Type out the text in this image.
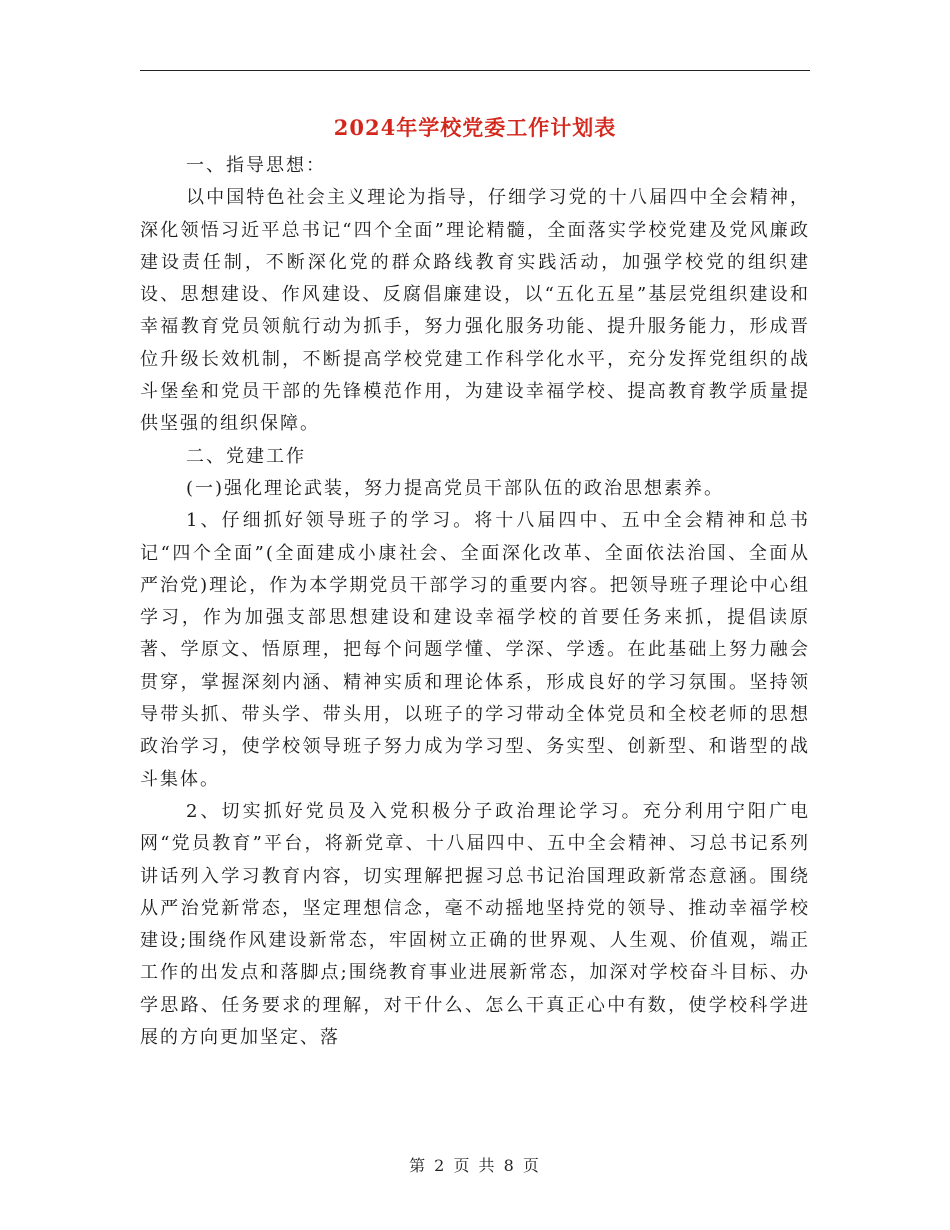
2024年学校党委工作计划表

一、指导思想：

以中国特色社会主义理论为指导，仔细学习党的十八届四中全会精神，深化领悟习近平总书记“四个全面”理论精髓，全面落实学校党建及党风廉政建设责任制，不断深化党的群众路线教育实践活动，加强学校党的组织建设、思想建设、作风建设、反腐倡廉建设，以“五化五星”基层党组织建设和幸福教育党员领航行动为抓手，努力强化服务功能、提升服务能力，形成晋位升级长效机制，不断提高学校党建工作科学化水平，充分发挥党组织的战斗堡垒和党员干部的先锋模范作用，为建设幸福学校、提高教育教学质量提供坚强的组织保障。

二、党建工作

(一)强化理论武装，努力提高党员干部队伍的政治思想素养。

1、仔细抓好领导班子的学习。将十八届四中、五中全会精神和总书记“四个全面”(全面建成小康社会、全面深化改革、全面依法治国、全面从严治党)理论，作为本学期党员干部学习的重要内容。把领导班子理论中心组学习，作为加强支部思想建设和建设幸福学校的首要任务来抓，提倡读原著、学原文、悟原理，把每个问题学懂、学深、学透。在此基础上努力融会贯穿，掌握深刻内涵、精神实质和理论体系，形成良好的学习氛围。坚持领导带头抓、带头学、带头用，以班子的学习带动全体党员和全校老师的思想政治学习，使学校领导班子努力成为学习型、务实型、创新型、和谐型的战斗集体。

2、切实抓好党员及入党积极分子政治理论学习。充分利用宁阳广电网“党员教育”平台，将新党章、十八届四中、五中全会精神、习总书记系列讲话列入学习教育内容，切实理解把握习总书记治国理政新常态意涵。围绕从严治党新常态，坚定理想信念，毫不动摇地坚持党的领导、推动幸福学校建设;围绕作风建设新常态，牢固树立正确的世界观、人生观、价值观，端正工作的出发点和落脚点;围绕教育事业进展新常态，加深对学校奋斗目标、办学思路、任务要求的理解，对干什么、怎么干真正心中有数，使学校科学进展的方向更加坚定、落

第 2 页 共 8 页
